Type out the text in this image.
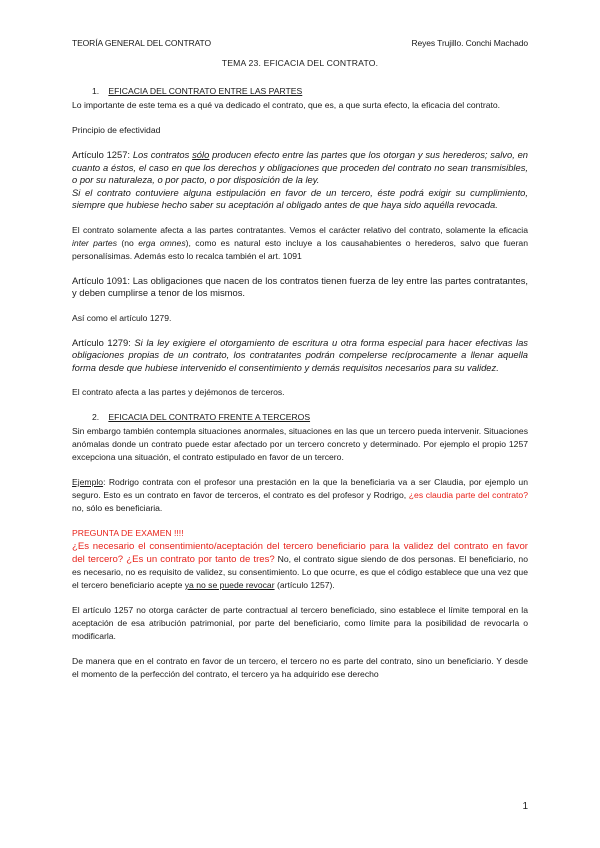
TEORÍA GENERAL DEL CONTRATO	Reyes Trujillo. Conchi Machado
TEMA 23. EFICACIA DEL CONTRATO.
1. EFICACIA DEL CONTRATO ENTRE LAS PARTES

Lo importante de este tema es a qué va dedicado el contrato, que es, a que surta efecto, la eficacia del contrato.

Principio de efectividad

Artículo 1257: Los contratos sólo producen efecto entre las partes que los otorgan y sus herederos; salvo, en cuanto a éstos, el caso en que los derechos y obligaciones que proceden del contrato no sean transmisibles, o por su naturaleza, o por pacto, o por disposición de la ley.

Si el contrato contuviere alguna estipulación en favor de un tercero, éste podrá exigir su cumplimiento, siempre que hubiese hecho saber su aceptación al obligado antes de que haya sido aquélla revocada.

El contrato solamente afecta a las partes contratantes. Vemos el carácter relativo del contrato, solamente la eficacia inter partes (no erga omnes), como es natural esto incluye a los causahabientes o herederos, salvo que fueran personalísimas. Además esto lo recalca también el art. 1091

Artículo 1091: Las obligaciones que nacen de los contratos tienen fuerza de ley entre las partes contratantes, y deben cumplirse a tenor de los mismos.

Así como el artículo 1279.

Artículo 1279: Si la ley exigiere el otorgamiento de escritura u otra forma especial para hacer efectivas las obligaciones propias de un contrato, los contratantes podrán compelerse recíprocamente a llenar aquella forma desde que hubiese intervenido el consentimiento y demás requisitos necesarios para su validez.

El contrato afecta a las partes y dejémonos de terceros.

2. EFICACIA DEL CONTRATO FRENTE A TERCEROS

Sin embargo también contempla situaciones anormales, situaciones en las que un tercero pueda intervenir. Situaciones anómalas donde un contrato puede estar afectado por un tercero concreto y determinado. Por ejemplo el propio 1257 excepciona una situación, el contrato estipulado en favor de un tercero.

Ejemplo: Rodrigo contrata con el profesor una prestación en la que la beneficiaria va a ser Claudia, por ejemplo un seguro. Esto es un contrato en favor de terceros, el contrato es del profesor y Rodrigo, ¿es claudia parte del contrato? no, sólo es beneficiaria.

PREGUNTA DE EXAMEN !!!!

¿Es necesario el consentimiento/aceptación del tercero beneficiario para la validez del contrato en favor del tercero? ¿Es un contrato por tanto de tres? No, el contrato sigue siendo de dos personas. El beneficiario, no es necesario, no es requisito de validez, su consentimiento. Lo que ocurre, es que el código establece que una vez que el tercero beneficiario acepte ya no se puede revocar (artículo 1257).

El artículo 1257 no otorga carácter de parte contractual al tercero beneficiado, sino establece el límite temporal en la aceptación de esa atribución patrimonial, por parte del beneficiario, como límite para la posibilidad de revocarla o modificarla.

De manera que en el contrato en favor de un tercero, el tercero no es parte del contrato, sino un beneficiario. Y desde el momento de la perfección del contrato, el tercero ya ha adquirido ese derecho

1
